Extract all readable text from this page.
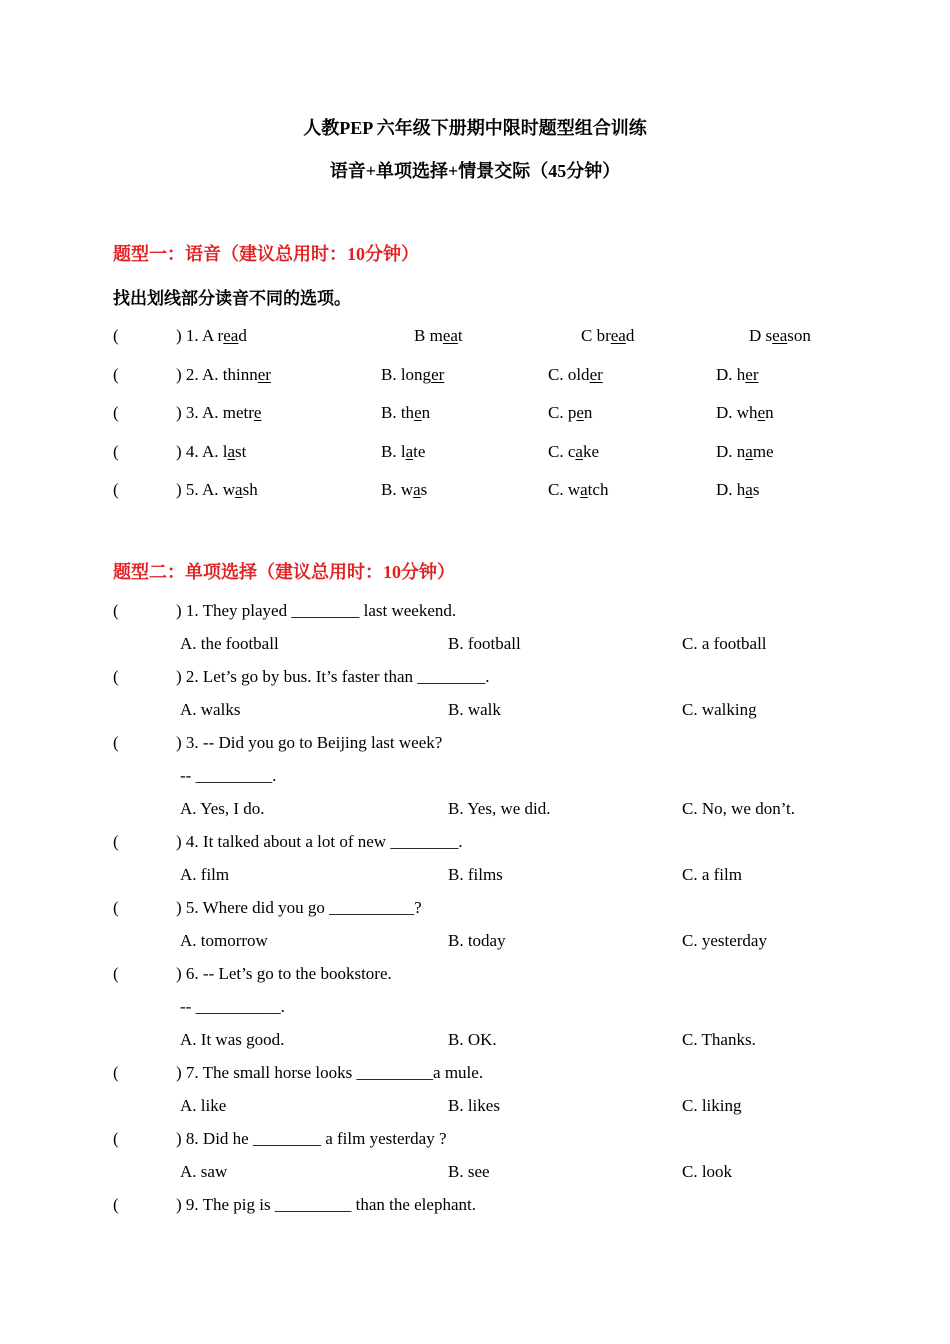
人教PEP 六年级下册期中限时题型组合训练
语音+单项选择+情景交际（45分钟）
题型一：语音（建议总用时：10分钟）
找出划线部分读音不同的选项。
(	) 1. A read	B meat	C bread	D season
(	) 2. A. thinner	B. longer	C. older	D. her
(	) 3. A. metre	B. then	C. pen	D. when
(	) 4. A. last	B. late	C. cake	D. name
(	) 5. A. wash	B. was	C. watch	D. has
题型二：单项选择（建议总用时：10分钟）
(	) 1. They played ________ last weekend.
A. the football	B. football	C. a football
(	) 2. Let’s go by bus. It’s faster than ________.
A. walks	B. walk	C. walking
(	) 3. -- Did you go to Beijing last week?
-- _________.
A. Yes, I do.	B. Yes, we did.	C. No, we don’t.
(	) 4. It talked about a lot of new ________.
A. film	B. films	C. a film
(	) 5. Where did you go __________?
A. tomorrow	B. today	C. yesterday
(	) 6. -- Let’s go to the bookstore.
-- __________.
A. It was good.	B. OK.	C. Thanks.
(	) 7. The small horse looks _________a mule.
A. like	B. likes	C. liking
(	) 8. Did he ________ a film yesterday ?
A. saw	B. see	C. look
(	) 9. The pig is _________ than the elephant.
